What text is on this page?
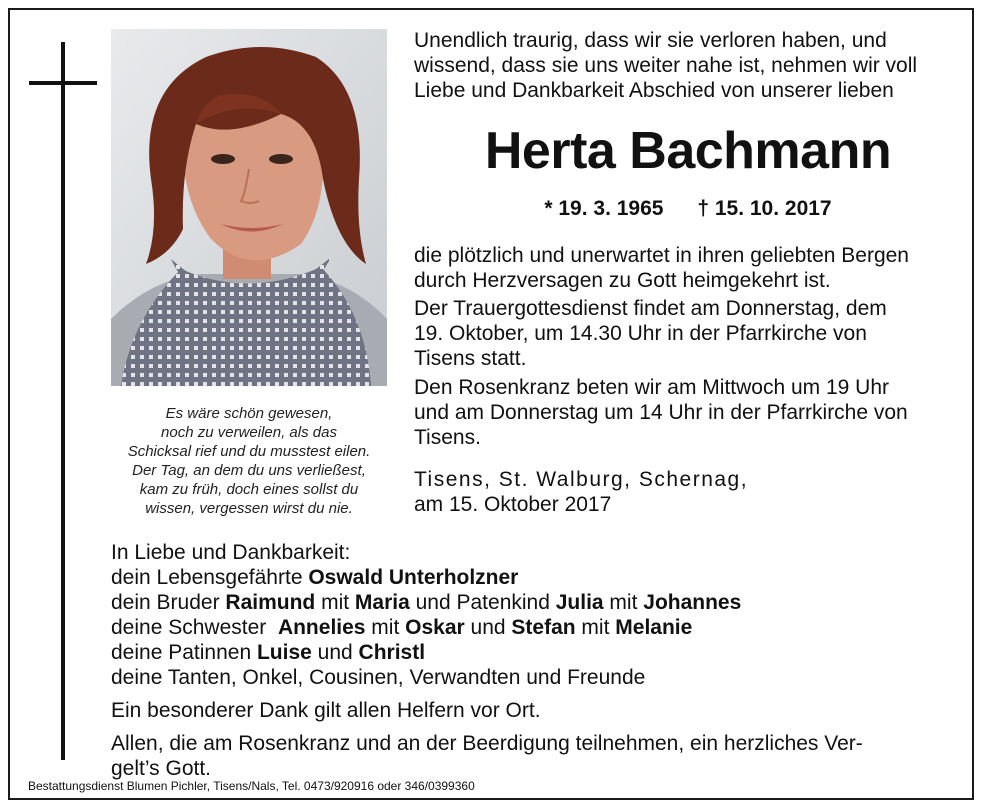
Es wäre schön gewesen,
noch zu verweilen, als das
Schicksal rief und du musstest eilen.
Der Tag, an dem du uns verließest,
kam zu früh, doch eines sollst du
wissen, vergessen wirst du nie.
Unendlich traurig, dass wir sie verloren haben, und
wissend, dass sie uns weiter nahe ist, nehmen wir voll
Liebe und Dankbarkeit Abschied von unserer lieben
Herta Bachmann
* 19. 3. 1965 † 15. 10. 2017
die plötzlich und unerwartet in ihren geliebten Bergen
durch Herzversagen zu Gott heimgekehrt ist.
Der Trauergottesdienst findet am Donnerstag, dem
19. Oktober, um 14.30 Uhr in der Pfarrkirche von
Tisens statt.
Den Rosenkranz beten wir am Mittwoch um 19 Uhr
und am Donnerstag um 14 Uhr in der Pfarrkirche von
Tisens.
Tisens, St. Walburg, Schernag,
am 15. Oktober 2017
In Liebe und Dankbarkeit:
dein Lebensgefährte Oswald Unterholzner
dein Bruder Raimund mit Maria und Patenkind Julia mit Johannes
deine Schwester  Annelies mit Oskar und Stefan mit Melanie
deine Patinnen Luise und Christl
deine Tanten, Onkel, Cousinen, Verwandten und Freunde
Ein besonderer Dank gilt allen Helfern vor Ort.
Allen, die am Rosenkranz und an der Beerdigung teilnehmen, ein herzliches Ver-
gelt’s Gott.
Bestattungsdienst Blumen Pichler, Tisens/Nals, Tel. 0473/920916 oder 346/0399360
